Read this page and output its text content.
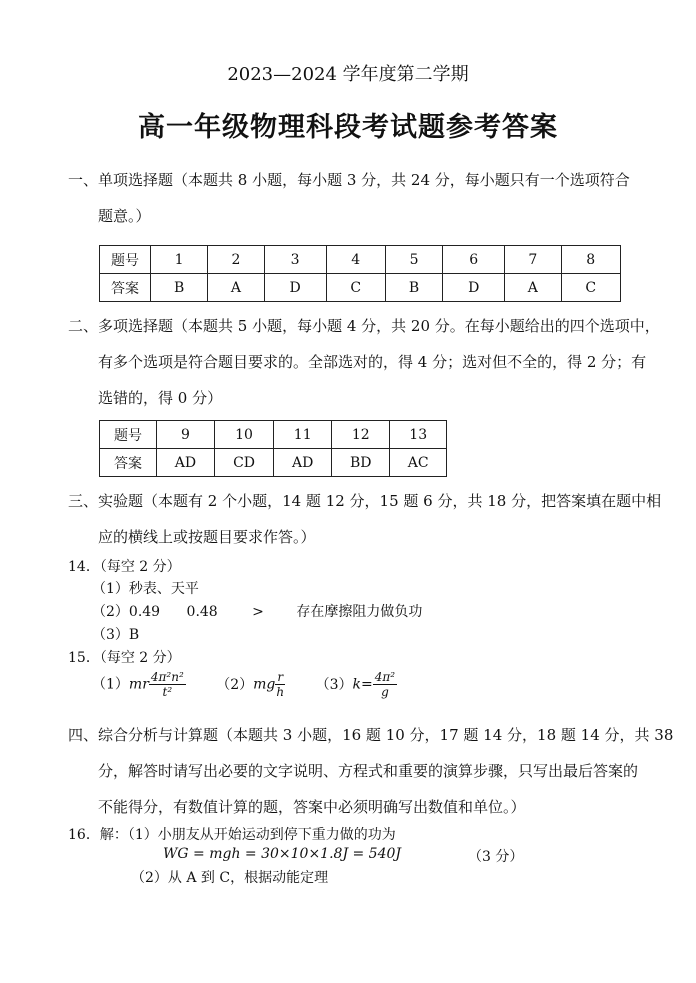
2023—2024 学年度第二学期
高一年级物理科段考试题参考答案
一、单项选择题（本题共 8 小题，每小题 3 分，共 24 分，每小题只有一个选项符合
题意。）
题号	1	2	3	4	5	6	7	8
答案	B	A	D	C	B	D	A	C
二、多项选择题（本题共 5 小题，每小题 4 分，共 20 分。在每小题给出的四个选项中，
有多个选项是符合题目要求的。全部选对的，得 4 分；选对但不全的，得 2 分；有
选错的，得 0 分）
题号	9	10	11	12	13
答案	AD	CD	AD	BD	AC
三、实验题（本题有 2 个小题，14 题 12 分，15 题 6 分，共 18 分，把答案填在题中相
应的横线上或按题目要求作答。）
14．（每空 2 分）
（1）秒表、天平
（2）0.49 0.48 > 存在摩擦阻力做负功
（3）B
15．（每空 2 分）
$(1)mr \frac{\text{4π²n²}}{\text{t²}} (2)mg \frac{r}{h} (3)k= \frac{\text{4π²}}{g}$
四、综合分析与计算题（本题共 3 小题，16 题 10 分，17 题 14 分，18 题 14 分，共 38
分，解答时请写出必要的文字说明、方程式和重要的演算步骤，只写出最后答案的
不能得分，有数值计算的题，答案中必须明确写出数值和单位。）
16．解：（1）小朋友从开始运动到停下重力做的功为
WG = mgh = 30×10×1.8J = 540J	（3 分）
（2）从 A 到 C，根据动能定理
